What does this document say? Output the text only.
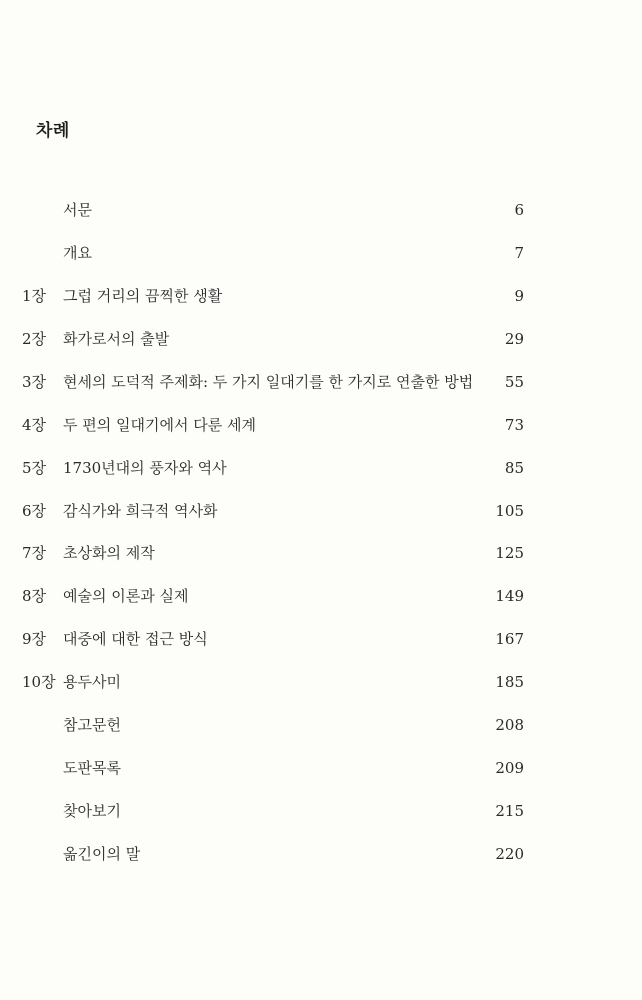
차례
서문	6
개요	7
1장	그럽 거리의 끔찍한 생활	9
2장	화가로서의 출발	29
3장	현세의 도덕적 주제화: 두 가지 일대기를 한 가지로 연출한 방법 55
4장	두 편의 일대기에서 다룬 세계	73
5장	1730년대의 풍자와 역사	85
6장	감식가와 희극적 역사화	105
7장	초상화의 제작	125
8장	예술의 이론과 실제	149
9장	대중에 대한 접근 방식	167
10장 용두사미	185
참고문헌	208
도판목록	209
찾아보기	215
옮긴이의 말	220
